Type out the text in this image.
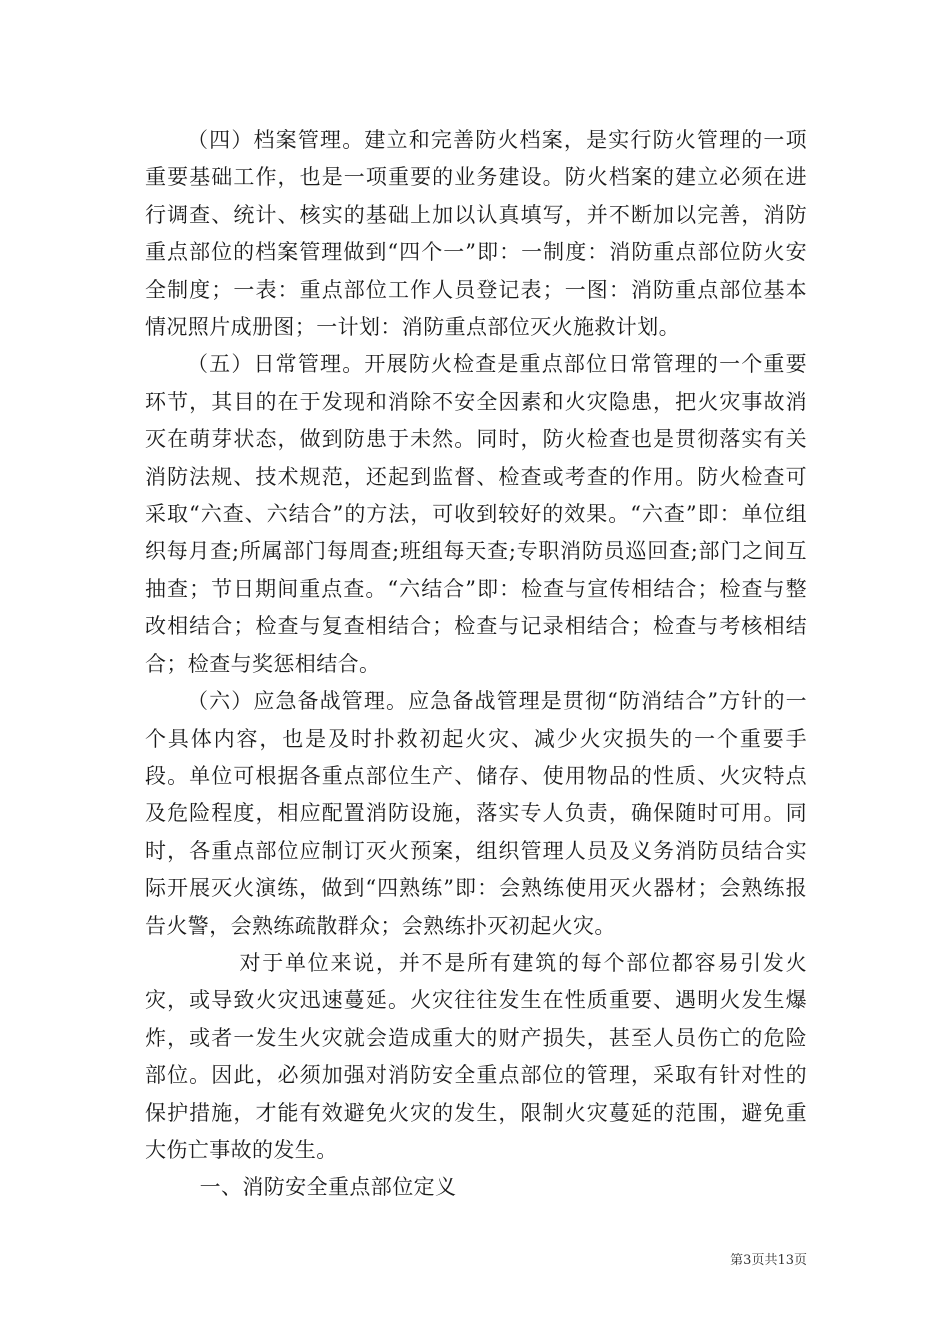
（四）档案管理。建立和完善防火档案，是实行防火管理的一项重要基础工作，也是一项重要的业务建设。防火档案的建立必须在进行调查、统计、核实的基础上加以认真填写，并不断加以完善，消防重点部位的档案管理做到“四个一”即：一制度：消防重点部位防火安全制度；一表：重点部位工作人员登记表；一图：消防重点部位基本情况照片成册图；一计划：消防重点部位灭火施救计划。

（五）日常管理。开展防火检查是重点部位日常管理的一个重要环节，其目的在于发现和消除不安全因素和火灾隐患，把火灾事故消灭在萌芽状态，做到防患于未然。同时，防火检查也是贯彻落实有关消防法规、技术规范，还起到监督、检查或考查的作用。防火检查可采取“六查、六结合”的方法，可收到较好的效果。“六查”即：单位组织每月查;所属部门每周查;班组每天查;专职消防员巡回查;部门之间互抽查；节日期间重点查。“六结合”即：检查与宣传相结合；检查与整改相结合；检查与复查相结合；检查与记录相结合；检查与考核相结合；检查与奖惩相结合。

（六）应急备战管理。应急备战管理是贯彻“防消结合”方针的一个具体内容，也是及时扑救初起火灾、减少火灾损失的一个重要手段。单位可根据各重点部位生产、储存、使用物品的性质、火灾特点及危险程度，相应配置消防设施，落实专人负责，确保随时可用。同时，各重点部位应制订灭火预案，组织管理人员及义务消防员结合实际开展灭火演练，做到“四熟练”即：会熟练使用灭火器材；会熟练报告火警，会熟练疏散群众；会熟练扑灭初起火灾。

对于单位来说，并不是所有建筑的每个部位都容易引发火灾，或导致火灾迅速蔓延。火灾往往发生在性质重要、遇明火发生爆炸，或者一发生火灾就会造成重大的财产损失，甚至人员伤亡的危险部位。因此，必须加强对消防安全重点部位的管理，采取有针对性的保护措施，才能有效避免火灾的发生，限制火灾蔓延的范围，避免重大伤亡事故的发生。

一、消防安全重点部位定义

第3页共13页
